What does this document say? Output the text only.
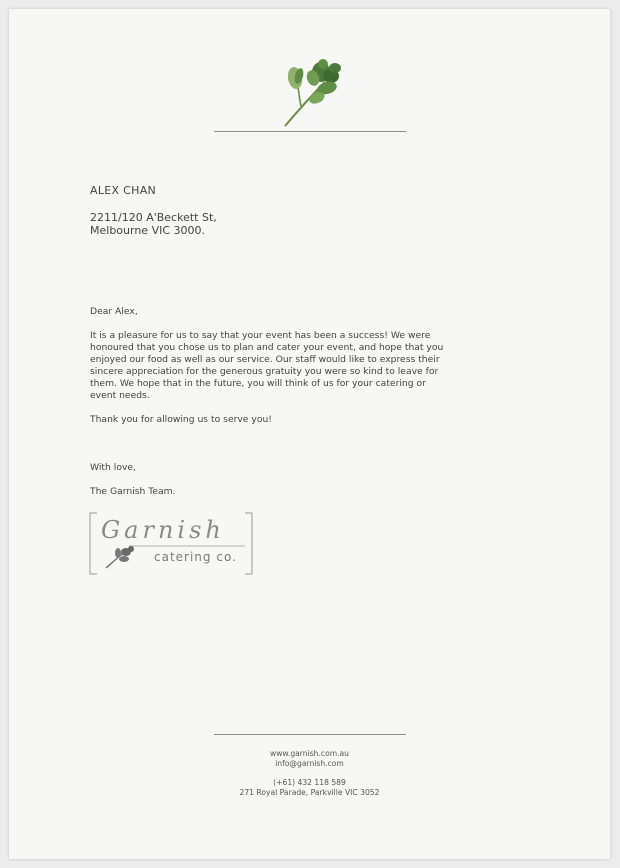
ALEX CHAN
2211/120 A'Beckett St,
Melbourne VIC 3000.
Dear Alex,
It is a pleasure for us to say that your event has been a success! We were
honoured that you chose us to plan and cater your event, and hope that you
enjoyed our food as well as our service. Our staff would like to express their
sincere appreciation for the generous gratuity you were so kind to leave for
them. We hope that in the future, you will think of us for your catering or
event needs.
Thank you for allowing us to serve you!
With love,
The Garnish Team.
Garnish
catering co.
www.garnish.com.au
info@garnish.com
(+61) 432 118 589
271 Royal Parade, Parkville VIC 3052
